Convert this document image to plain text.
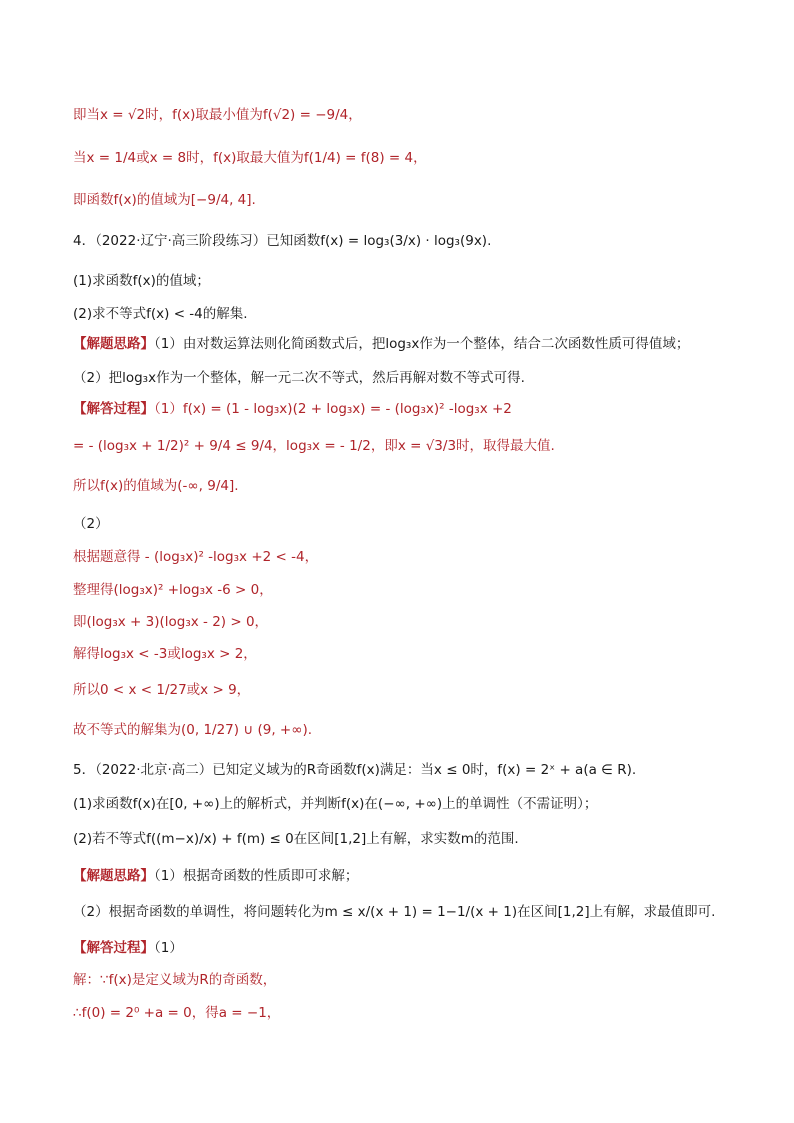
即当x = √2时，f(x)取最小值为f(√2) = −9/4，
当x = 1/4或x = 8时，f(x)取最大值为f(1/4) = f(8) = 4，
即函数f(x)的值域为[−9/4, 4].
4．（2022·辽宁·高三阶段练习）已知函数f(x) = log₃(3/x) · log₃(9x).
(1)求函数f(x)的值域；
(2)求不等式f(x) < -4的解集.
【解题思路】（1）由对数运算法则化简函数式后，把log₃x作为一个整体，结合二次函数性质可得值域；
（2）把log₃x作为一个整体，解一元二次不等式，然后再解对数不等式可得.
【解答过程】（1）f(x) = (1 - log₃x)(2 + log₃x) = - (log₃x)² -log₃x +2
= - (log₃x + 1/2)² + 9/4 ≤ 9/4，log₃x = - 1/2，即x = √3/3时，取得最大值.
所以f(x)的值域为(-∞, 9/4].
（2）
根据题意得 - (log₃x)² -log₃x +2 < -4，
整理得(log₃x)² +log₃x -6 > 0，
即(log₃x + 3)(log₃x - 2) > 0，
解得log₃x < -3或log₃x > 2，
所以0 < x < 1/27或x > 9，
故不等式的解集为(0, 1/27) ∪ (9, +∞).
5．（2022·北京·高二）已知定义域为的R奇函数f(x)满足：当x ≤ 0时，f(x) = 2ˣ + a(a ∈ R).
(1)求函数f(x)在[0, +∞)上的解析式，并判断f(x)在(−∞, +∞)上的单调性（不需证明）；
(2)若不等式f((m−x)/x) + f(m) ≤ 0在区间[1,2]上有解，求实数m的范围.
【解题思路】（1）根据奇函数的性质即可求解；
（2）根据奇函数的单调性，将问题转化为m ≤ x/(x + 1) = 1−1/(x + 1)在区间[1,2]上有解，求最值即可.
【解答过程】（1）
解：∵f(x)是定义域为R的奇函数，
∴f(0) = 2⁰ +a = 0，得a = −1，
